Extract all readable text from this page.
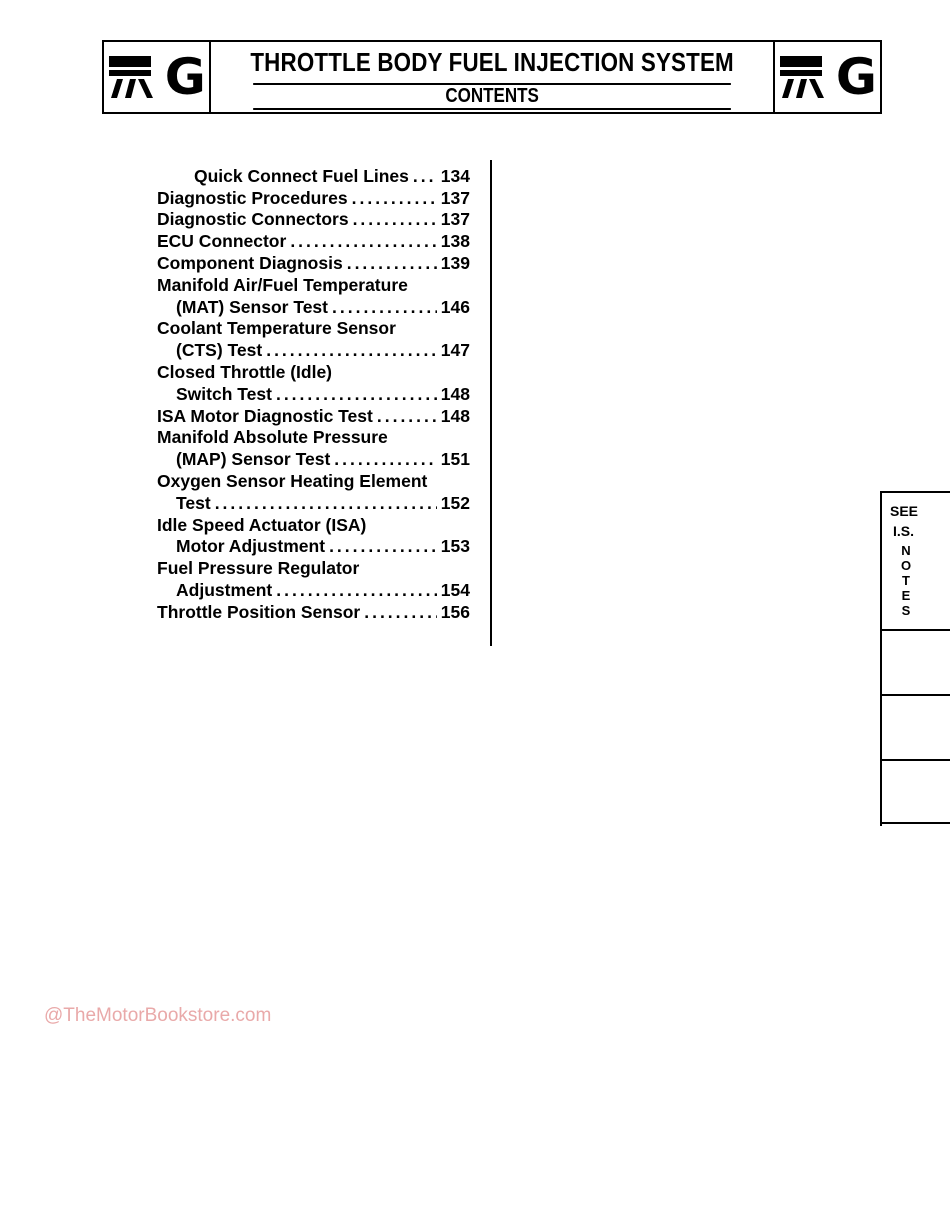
G THROTTLE BODY FUEL INJECTION SYSTEM
CONTENTS	G
Quick Connect Fuel Lines ..... 134
Diagnostic Procedures .....	137
Diagnostic Connectors .....	137
ECU Connector .....	138
Component Diagnosis .....	139
Manifold Air/Fuel Temperature
(MAT) Sensor Test .....	146
Coolant Temperature Sensor
(CTS) Test .....	147
Closed Throttle (Idle)
Switch Test .....	148
ISA Motor Diagnostic Test .....	148
Manifold Absolute Pressure
(MAP) Sensor Test .....	151
Oxygen Sensor Heating Element
Test .....	152
Idle Speed Actuator (ISA)
Motor Adjustment .....	153
Fuel Pressure Regulator
Adjustment .....	154
Throttle Position Sensor .....	156
SEE
I.S.
NOTES
@TheMotorBookstore.com
